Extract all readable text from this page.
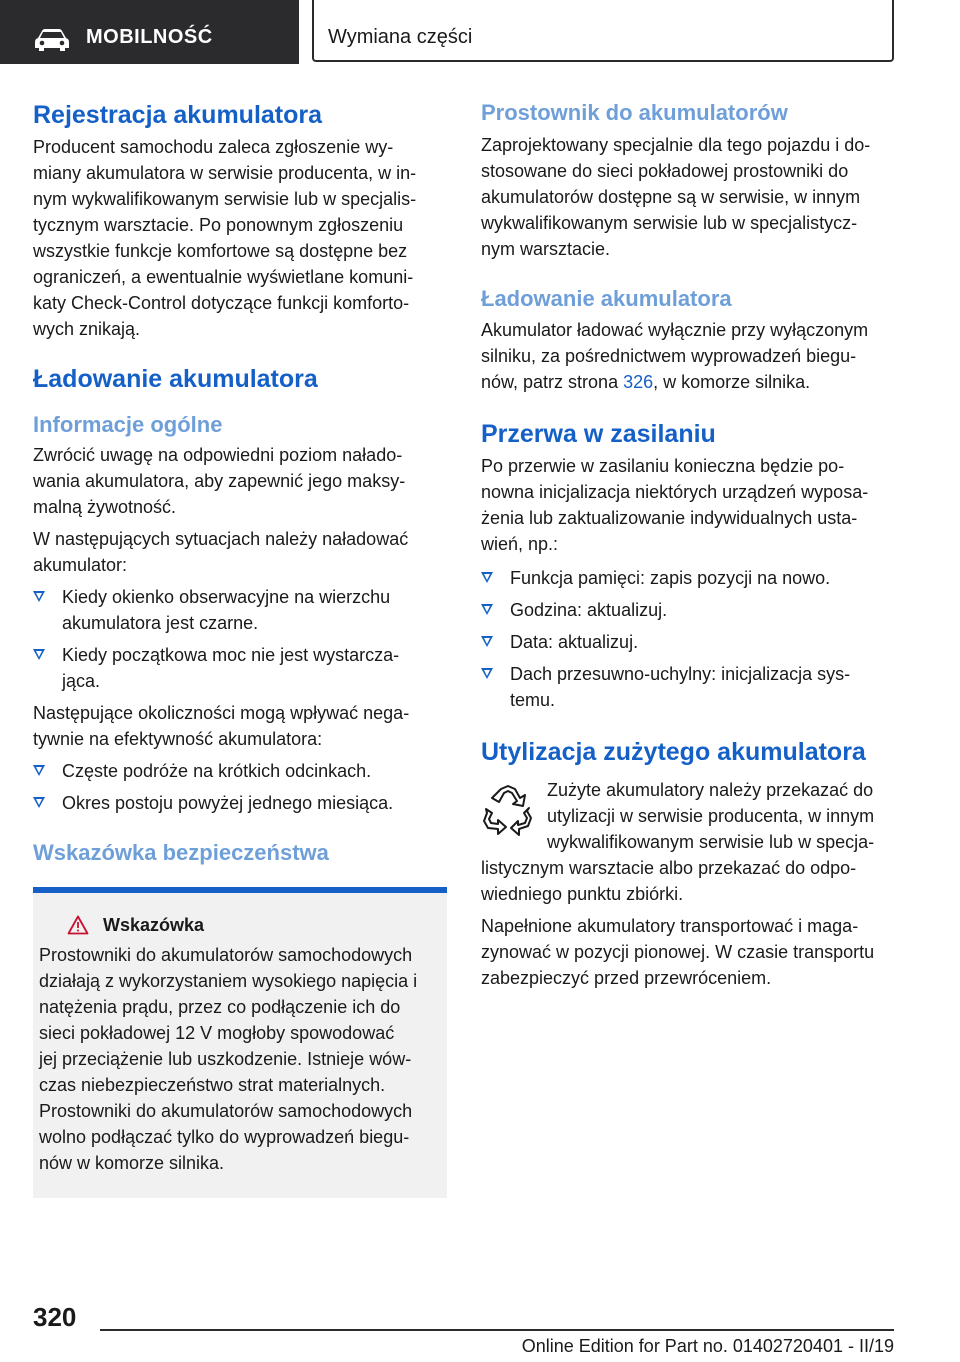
MOBILNOŚĆ	Wymiana części
Rejestracja akumulatora

Producent samochodu zaleca zgłoszenie wy-
miany akumulatora w serwisie producenta, w in-
nym wykwalifikowanym serwisie lub w specjalis-
tycznym warsztacie. Po ponownym zgłoszeniu
wszystkie funkcje komfortowe są dostępne bez
ograniczeń, a ewentualnie wyświetlane komuni-
katy Check-Control dotyczące funkcji komforto-
wych znikają.

Ładowanie akumulatora
Informacje ogólne

Zwrócić uwagę na odpowiedni poziom nałado-
wania akumulatora, aby zapewnić jego maksy-
malną żywotność.

W następujących sytuacjach należy naładować
akumulator:

Kiedy okienko obserwacyjne na wierzchu
akumulatora jest czarne.
Kiedy początkowa moc nie jest wystarcza-
jąca.

Następujące okoliczności mogą wpływać nega-
tywnie na efektywność akumulatora:

Częste podróże na krótkich odcinkach.
Okres postoju powyżej jednego miesiąca.
Wskazówka bezpieczeństwa
Wskazówka

Prostowniki do akumulatorów samochodowych
działają z wykorzystaniem wysokiego napięcia i
natężenia prądu, przez co podłączenie ich do
sieci pokładowej 12 V mogłoby spowodować
jej przeciążenie lub uszkodzenie. Istnieje wów-
czas niebezpieczeństwo strat materialnych.
Prostowniki do akumulatorów samochodowych
wolno podłączać tylko do wyprowadzeń biegu-
nów w komorze silnika.

Prostownik do akumulatorów

Zaprojektowany specjalnie dla tego pojazdu i do-
stosowane do sieci pokładowej prostowniki do
akumulatorów dostępne są w serwisie, w innym
wykwalifikowanym serwisie lub w specjalistycz-
nym warsztacie.

Ładowanie akumulatora

Akumulator ładować wyłącznie przy wyłączonym
silniku, za pośrednictwem wyprowadzeń biegu-
nów, patrz strona 326, w komorze silnika.

Przerwa w zasilaniu

Po przerwie w zasilaniu konieczna będzie po-
nowna inicjalizacja niektórych urządzeń wyposa-
żenia lub zaktualizowanie indywidualnych usta-
wień, np.:

Funkcja pamięci: zapis pozycji na nowo.
Godzina: aktualizuj.
Data: aktualizuj.
Dach przesuwno-uchylny: inicjalizacja sys-
temu.
Utylizacja zużytego akumulatora

Zużyte akumulatory należy przekazać do
utylizacji w serwisie producenta, w innym
wykwalifikowanym serwisie lub w specja-

listycznym warsztacie albo przekazać do odpo-
wiedniego punktu zbiórki.

Napełnione akumulatory transportować i maga-
zynować w pozycji pionowej. W czasie transportu
zabezpieczyć przed przewróceniem.

320
Online Edition for Part no. 01402720401 - II/19
